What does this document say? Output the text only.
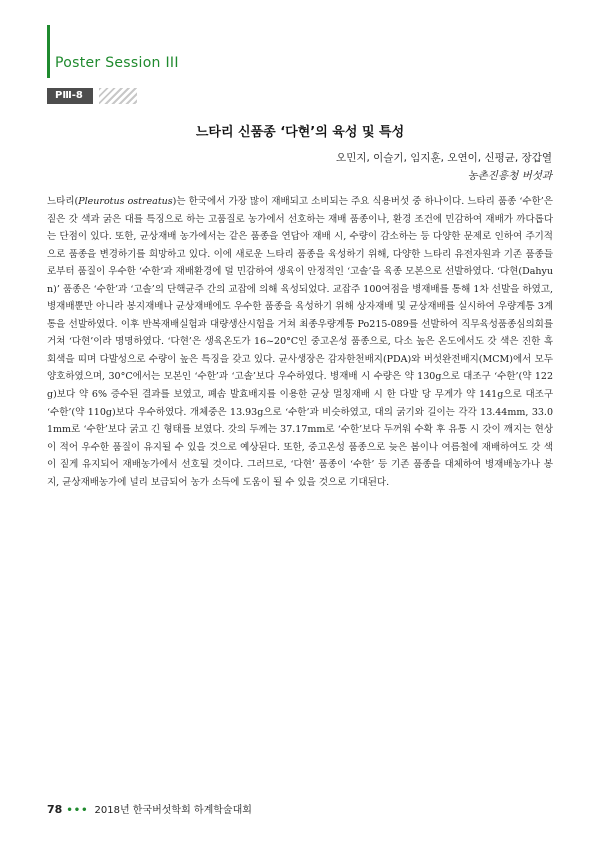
Poster Session III
PⅢ-8
느타리 신품종 ‘다현’의 육성 및 특성
오민지, 이슬기, 임지훈, 오연이, 신평균, 장갑열
농촌진흥청 버섯과

느타리(Pleurotus ostreatus)는 한국에서 가장 많이 재배되고 소비되는 주요 식용버섯 중 하나이다. 느타리 품종 ‘수한’은 짙은 갓 색과 굵은 대를 특징으로 하는 고품질로 농가에서 선호하는 재배 품종이나, 환경 조건에 민감하여 재배가 까다롭다는 단점이 있다. 또한, 균상재배 농가에서는 같은 품종을 연답아 재배 시, 수량이 감소하는 등 다양한 문제로 인하여 주기적으로 품종을 변경하기를 희망하고 있다. 이에 새로운 느타리 품종을 육성하기 위해, 다양한 느타리 유전자원과 기존 품종들로부터 품질이 우수한 ‘수한’과 재배환경에 덜 민감하여 생육이 안정적인 ‘고솔’을 육종 모본으로 선발하였다. ‘다현(Dahyun)’ 품종은 ‘수한’과 ‘고솔’의 단핵균주 간의 교잡에 의해 육성되었다. 교잡주 100여점을 병재배를 통해 1차 선발을 하였고, 병재배뿐만 아니라 봉지재배나 균상재배에도 우수한 품종을 육성하기 위해 상자재배 및 균상재배를 실시하여 우량계통 3계통을 선발하였다. 이후 반복재배실험과 대량생산시험을 거쳐 최종우량계통 Po215-089를 선발하여 직무육성품종심의회를 거쳐 ‘다현’이라 명명하였다. ‘다현’은 생육온도가 16~20°C인 중고온성 품종으로, 다소 높은 온도에서도 갓 색은 진한 흑회색을 띠며 다발성으로 수량이 높은 특징을 갖고 있다. 균사생장은 감자한천배지(PDA)와 버섯완전배지(MCM)에서 모두 양호하였으며, 30°C에서는 모본인 ‘수한’과 ‘고솔’보다 우수하였다. 병재배 시 수량은 약 130g으로 대조구 ‘수한’(약 122g)보다 약 6% 증수된 결과를 보였고, 폐솜 발효배지를 이용한 균상 멀칭재배 시 한 다발 당 무게가 약 141g으로 대조구 ‘수한’(약 110g)보다 우수하였다. 개체중은 13.93g으로 ‘수한’과 비슷하였고, 대의 굵기와 길이는 각각 13.44mm, 33.01mm로 ‘수한’보다 굵고 긴 형태를 보였다. 갓의 두께는 37.17mm로 ‘수한’보다 두꺼워 수확 후 유통 시 갓이 깨지는 현상이 적어 우수한 품질이 유지될 수 있을 것으로 예상된다. 또한, 중고온성 품종으로 늦은 봄이나 여름철에 재배하여도 갓 색이 짙게 유지되어 재배농가에서 선호될 것이다. 그러므로, ‘다현’ 품종이 ‘수한’ 등 기존 품종을 대체하여 병재배농가나 봉지, 균상재배농가에 널리 보급되어 농가 소득에 도움이 될 수 있을 것으로 기대된다.

78 ••• 2018년 한국버섯학회 하계학술대회
